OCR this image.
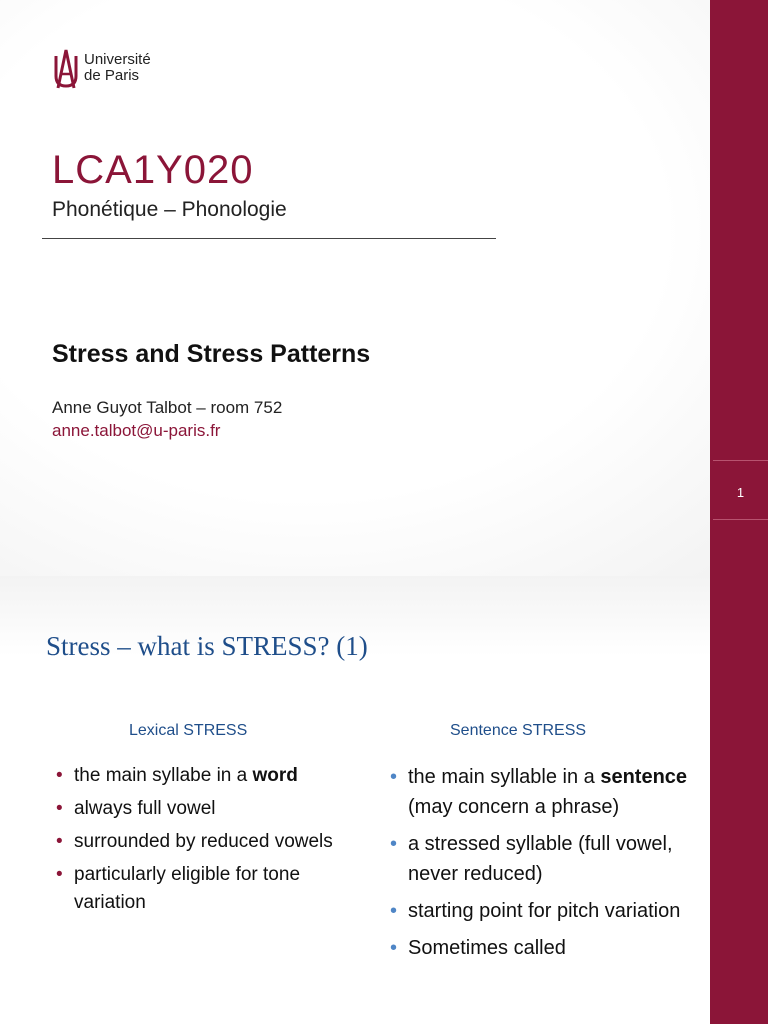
Université
de Paris
LCA1Y020
Phonétique – Phonologie
Stress and Stress Patterns
Anne Guyot Talbot – room 752
anne.talbot@u-paris.fr
1
Stress – what is STRESS? (1)
Lexical STRESS	Sentence STRESS
• the main syllabe in a word
• always full vowel
• surrounded by reduced vowels
• particularly eligible for tone variation
• the main syllable in a sentence (may concern a phrase)
• a stressed syllable (full vowel, never reduced)
• starting point for pitch variation
• Sometimes called
